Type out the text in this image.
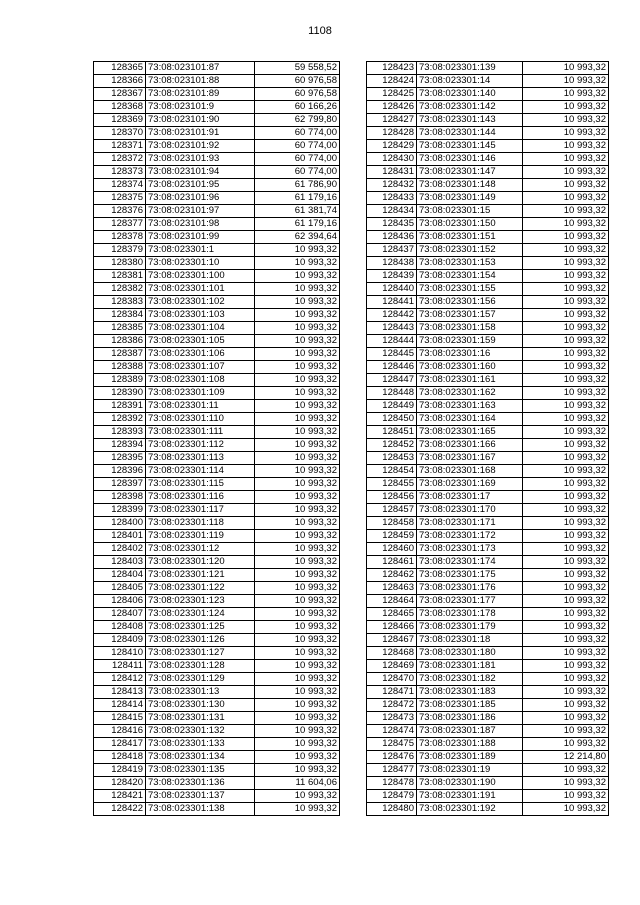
1108
128365	73:08:023101:87	59 558,52
128366	73:08:023101:88	60 976,58
128367	73:08:023101:89	60 976,58
128368	73:08:023101:9	60 166,26
128369	73:08:023101:90	62 799,80
128370	73:08:023101:91	60 774,00
128371	73:08:023101:92	60 774,00
128372	73:08:023101:93	60 774,00
128373	73:08:023101:94	60 774,00
128374	73:08:023101:95	61 786,90
128375	73:08:023101:96	61 179,16
128376	73:08:023101:97	61 381,74
128377	73:08:023101:98	61 179,16
128378	73:08:023101:99	62 394,64
128379	73:08:023301:1	10 993,32
128380	73:08:023301:10	10 993,32
128381	73:08:023301:100	10 993,32
128382	73:08:023301:101	10 993,32
128383	73:08:023301:102	10 993,32
128384	73:08:023301:103	10 993,32
128385	73:08:023301:104	10 993,32
128386	73:08:023301:105	10 993,32
128387	73:08:023301:106	10 993,32
128388	73:08:023301:107	10 993,32
128389	73:08:023301:108	10 993,32
128390	73:08:023301:109	10 993,32
128391	73:08:023301:11	10 993,32
128392	73:08:023301:110	10 993,32
128393	73:08:023301:111	10 993,32
128394	73:08:023301:112	10 993,32
128395	73:08:023301:113	10 993,32
128396	73:08:023301:114	10 993,32
128397	73:08:023301:115	10 993,32
128398	73:08:023301:116	10 993,32
128399	73:08:023301:117	10 993,32
128400	73:08:023301:118	10 993,32
128401	73:08:023301:119	10 993,32
128402	73:08:023301:12	10 993,32
128403	73:08:023301:120	10 993,32
128404	73:08:023301:121	10 993,32
128405	73:08:023301:122	10 993,32
128406	73:08:023301:123	10 993,32
128407	73:08:023301:124	10 993,32
128408	73:08:023301:125	10 993,32
128409	73:08:023301:126	10 993,32
128410	73:08:023301:127	10 993,32
128411	73:08:023301:128	10 993,32
128412	73:08:023301:129	10 993,32
128413	73:08:023301:13	10 993,32
128414	73:08:023301:130	10 993,32
128415	73:08:023301:131	10 993,32
128416	73:08:023301:132	10 993,32
128417	73:08:023301:133	10 993,32
128418	73:08:023301:134	10 993,32
128419	73:08:023301:135	10 993,32
128420	73:08:023301:136	11 604,06
128421	73:08:023301:137	10 993,32
128422	73:08:023301:138	10 993,32
128423	73:08:023301:139	10 993,32
128424	73:08:023301:14	10 993,32
128425	73:08:023301:140	10 993,32
128426	73:08:023301:142	10 993,32
128427	73:08:023301:143	10 993,32
128428	73:08:023301:144	10 993,32
128429	73:08:023301:145	10 993,32
128430	73:08:023301:146	10 993,32
128431	73:08:023301:147	10 993,32
128432	73:08:023301:148	10 993,32
128433	73:08:023301:149	10 993,32
128434	73:08:023301:15	10 993,32
128435	73:08:023301:150	10 993,32
128436	73:08:023301:151	10 993,32
128437	73:08:023301:152	10 993,32
128438	73:08:023301:153	10 993,32
128439	73:08:023301:154	10 993,32
128440	73:08:023301:155	10 993,32
128441	73:08:023301:156	10 993,32
128442	73:08:023301:157	10 993,32
128443	73:08:023301:158	10 993,32
128444	73:08:023301:159	10 993,32
128445	73:08:023301:16	10 993,32
128446	73:08:023301:160	10 993,32
128447	73:08:023301:161	10 993,32
128448	73:08:023301:162	10 993,32
128449	73:08:023301:163	10 993,32
128450	73:08:023301:164	10 993,32
128451	73:08:023301:165	10 993,32
128452	73:08:023301:166	10 993,32
128453	73:08:023301:167	10 993,32
128454	73:08:023301:168	10 993,32
128455	73:08:023301:169	10 993,32
128456	73:08:023301:17	10 993,32
128457	73:08:023301:170	10 993,32
128458	73:08:023301:171	10 993,32
128459	73:08:023301:172	10 993,32
128460	73:08:023301:173	10 993,32
128461	73:08:023301:174	10 993,32
128462	73:08:023301:175	10 993,32
128463	73:08:023301:176	10 993,32
128464	73:08:023301:177	10 993,32
128465	73:08:023301:178	10 993,32
128466	73:08:023301:179	10 993,32
128467	73:08:023301:18	10 993,32
128468	73:08:023301:180	10 993,32
128469	73:08:023301:181	10 993,32
128470	73:08:023301:182	10 993,32
128471	73:08:023301:183	10 993,32
128472	73:08:023301:185	10 993,32
128473	73:08:023301:186	10 993,32
128474	73:08:023301:187	10 993,32
128475	73:08:023301:188	10 993,32
128476	73:08:023301:189	12 214,80
128477	73:08:023301:19	10 993,32
128478	73:08:023301:190	10 993,32
128479	73:08:023301:191	10 993,32
128480	73:08:023301:192	10 993,32
